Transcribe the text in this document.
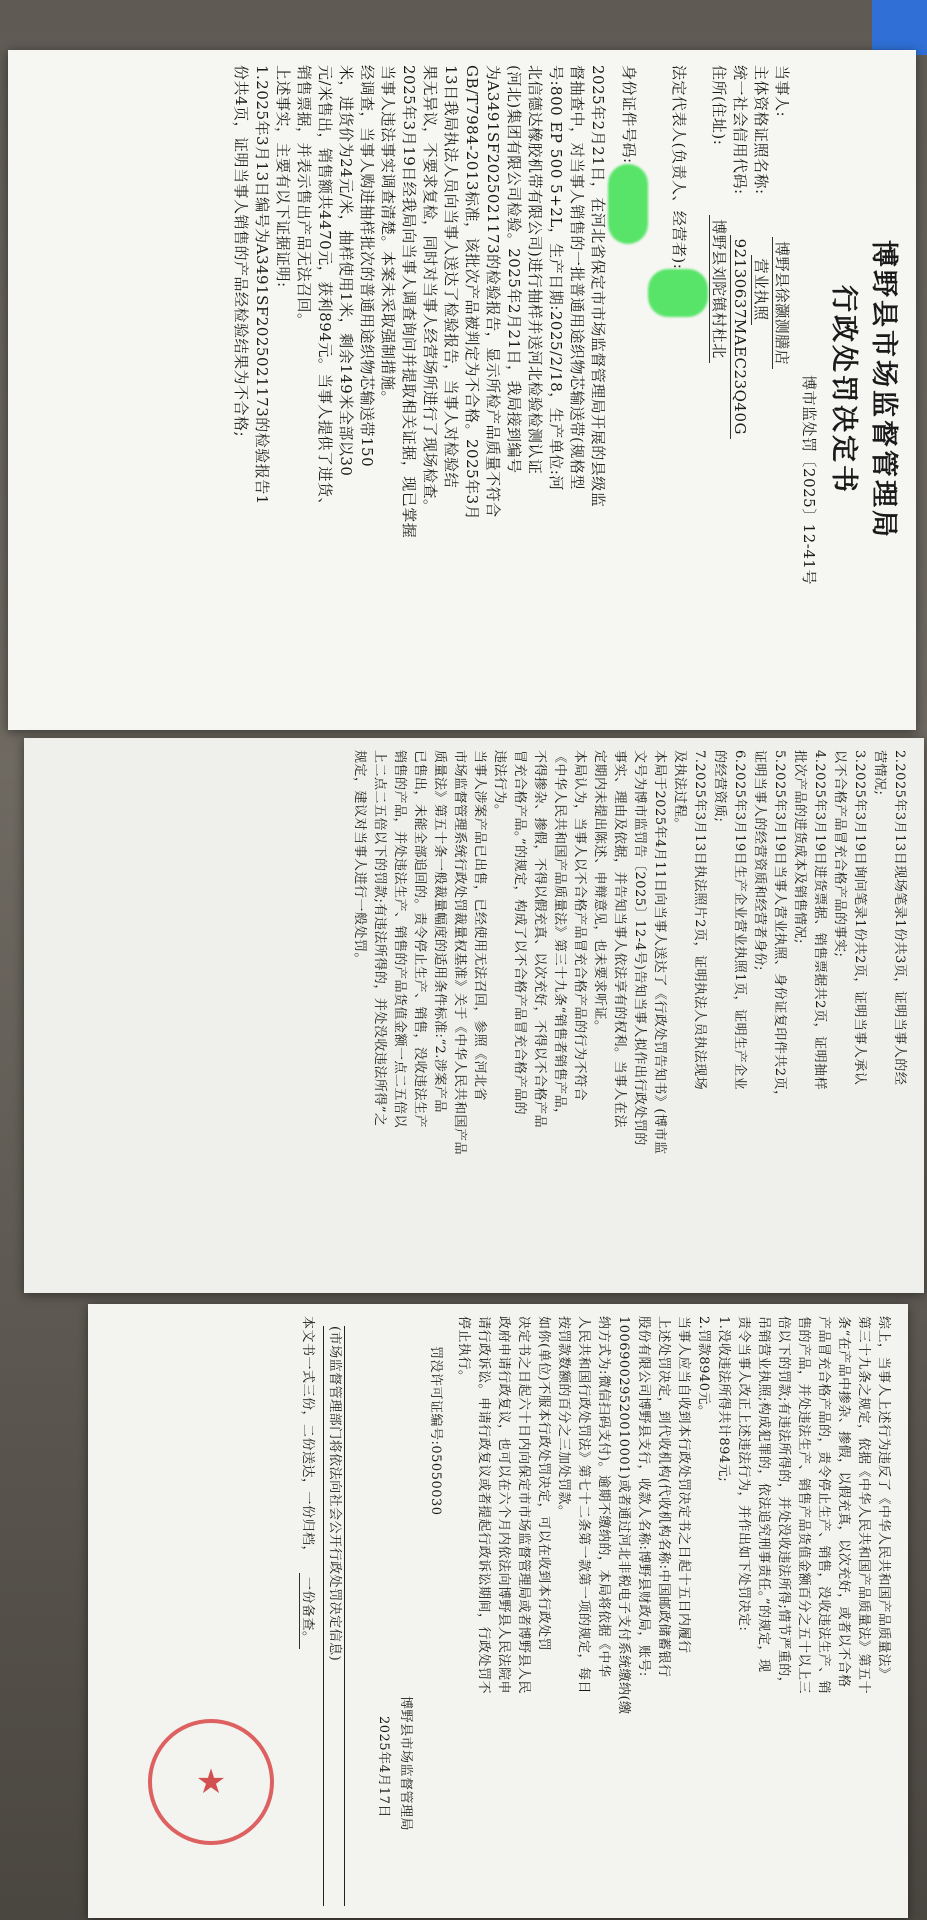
博野县市场监督管理局
行政处罚决定书
博市监处罚〔2025〕12-41号
当事人:博野县徐灏测膳店
主体资格证照名称:营业执照
统一社会信用代码:92130637MAEC23Q40G
住所(住址):博野县刘陀镇村杜北
法定代表人(负责人、经营者):
身份证件号码:
2025年2月21日，在河北省保定市市场监督管理局开展的县级监
督抽查中，对当事人销售的一批普通用途织物芯输送带(规格型
号:800 EP 500 5+2L，生产日期:2025/2/18，生产单位:河
北信德达橡胶机带有限公司)进行抽样并送河北检验检测认证
(河北)集团有限公司检验。2025年2月21日，我局接到编号
为A3491SF2025021173的检验报告，显示所检产品质量不符合
GB/T7984-2013标准，该批次产品被判定为不合格。2025年3月
13日我局执法人员向当事人送达了检验报告，当事人对检验结
果无异议，不要求复检，同时对当事人经营场所进行了现场检查。
2025年3月19日经我局向当事人调查询问并提取相关证据，现已掌握
当事人违法事实调查清楚。本案未采取强制措施。
经调查，当事人购进抽样批次的普通用途织物芯输送带150
米，进货价为24元/米，抽样使用1米，剩余149米全部以30
元/米售出，销售额共4470元，获利894元。当事人提供了进货、
销售票据，并表示售出产品无法召回。
上述事实，主要有以下证据证明:
1.2025年3月13日编号为A3491SF2025021173的检验报告1
份共4页，证明当事人销售的产品经检验结果为不合格;
2.2025年3月13日现场笔录1份共3页，证明当事人的经
营情况;
3.2025年3月19日询问笔录1份共2页，证明当事人承认
以不合格产品冒充合格产品的事实;
4.2025年3月19日进货票据、销售票据共2页，证明抽样
批次产品的进货成本及销售情况;
5.2025年3月19日当事人营业执照、身份证复印件共2页，
证明当事人的经营资质和经营者身份;
6.2025年3月19日生产企业营业执照1页，证明生产企业
的经营资质;
7.2025年3月13日执法照片2页，证明执法人员执法现场
及执法过程。
本局于2025年4月11日向当事人送达了《行政处罚告知书》(博市监
文号为博市监罚告〔2025〕12-4号)告知当事人拟作出行政处罚的
事实、理由及依据，并告知当事人依法享有的权利。当事人在法
定期内未提出陈述、申辩意见，也未要求听证。
本局认为，当事人以不合格产品冒充合格产品的行为不符合
《中华人民共和国产品质量法》第三十九条“销售者销售产品，
不得掺杂、掺假，不得以假充真、以次充好，不得以不合格产品
冒充合格产品。”的规定，构成了以不合格产品冒充合格产品的
违法行为。
当事人涉案产品已出售，已经使用无法召回，参照《河北省
市场监督管理系统行政处罚裁量权基准》关于《中华人民共和国产品
质量法》第五十条一般裁量幅度的适用条件标准:“2.涉案产品
已售出，未能全部追回的。责令停止生产、销售，没收违法生产
销售的产品，并处违法生产、销售的产品货值金额一点二五倍以
上二点二五倍以下的罚款;有违法所得的，并处没收违法所得”之
规定，建议对当事人进行一般处罚。
综上，当事人上述行为违反了《中华人民共和国产品质量法》
第三十九条之规定，依据《中华人民共和国产品质量法》第五十
条“在产品中掺杂、掺假，以假充真，以次充好，或者以不合格
产品冒充合格产品的，责令停止生产、销售，没收违法生产、销
售的产品，并处违法生产、销售产品货值金额百分之五十以上三
倍以下的罚款;有违法所得的，并处没收违法所得;情节严重的，
吊销营业执照;构成犯罪的，依法追究刑事责任。”的规定，现
责令当事人改正上述违法行为，并作出如下处罚决定:
1.没收违法所得共计894元;
2.罚款8940元。
当事人应当自收到本行政处罚决定书之日起十五日内履行
上述处罚决定，到代收机构(代收机构名称:中国邮政储蓄银行
股份有限公司博野县支行，收款人名称:博野县财政局，账号:
100690029520010001)或者通过河北非税电子支付系统缴纳(缴
纳方式为:微信扫码支付)。逾期不缴纳的，本局将依据《中华
人民共和国行政处罚法》第七十二条第一款第一项的规定，每日
按罚款数额的百分之三加处罚款。
如你(单位)不服本行政处罚决定，可以在收到本行政处罚
决定书之日起六十日内向保定市市场监督管理局或者博野县人民
政府申请行政复议，也可以在六个月内依法向博野县人民法院申
请行政诉讼。申请行政复议或者提起行政诉讼期间，行政处罚不
停止执行。
罚没许可证编号:05050030
博野县市场监督管理局
2025年4月17日
(市场监督管理部门将依法向社会公开行政处罚决定信息)
本文书一式三份，二份送达，一份归档，一份备查。
★
